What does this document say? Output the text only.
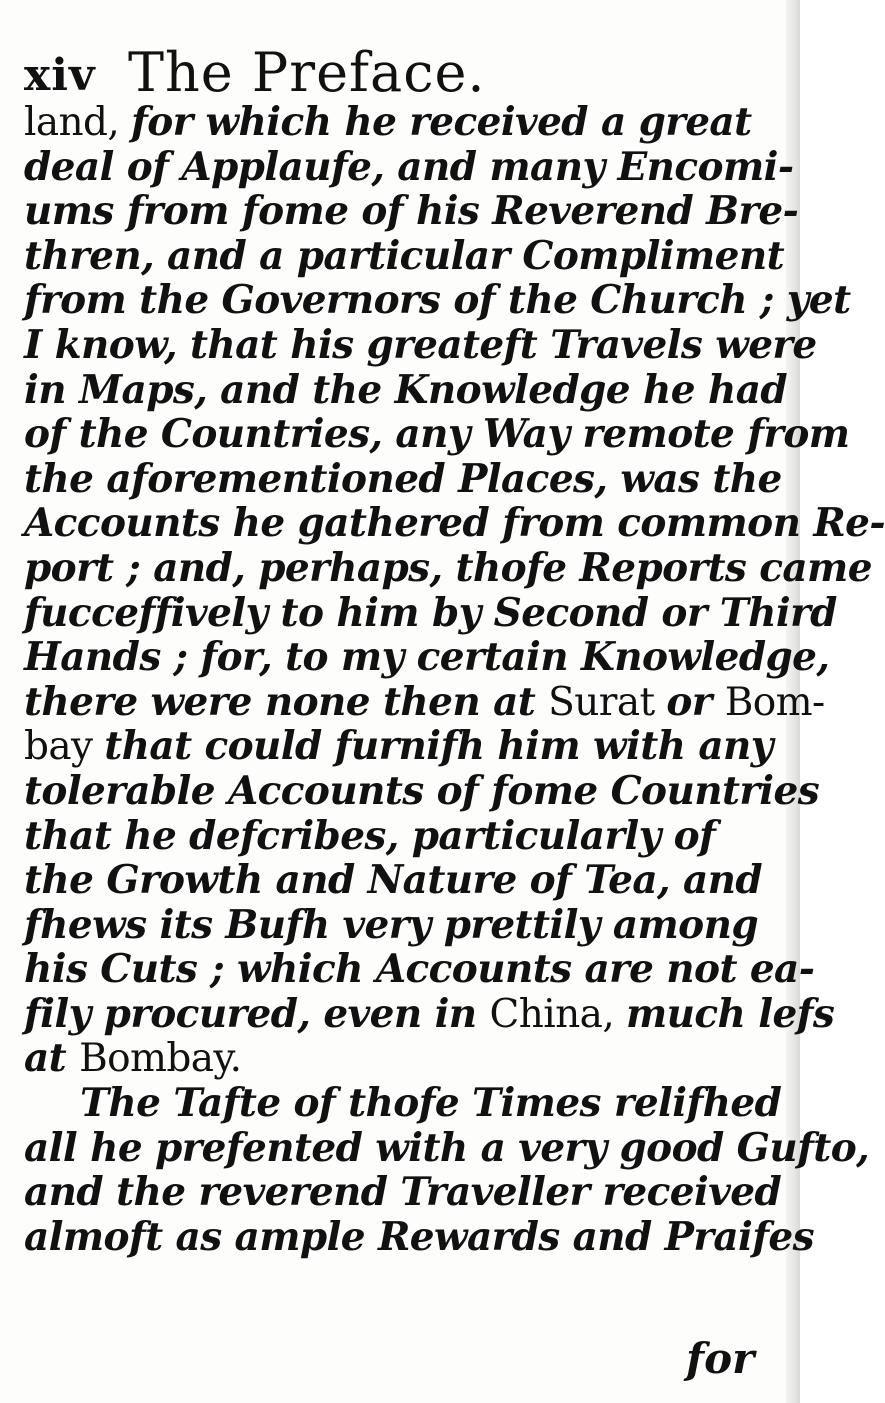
xiv The Preface.
land, for which he received a great
deal of Applaufe, and many Encomi-
ums from fome of his Reverend Bre-
thren, and a particular Compliment
from the Governors of the Church ; yet
I know, that his greateft Travels were
in Maps, and the Knowledge he had
of the Countries, any Way remote from
the aforementioned Places, was the
Accounts he gathered from common Re-
port ; and, perhaps, thofe Reports came
fucceffively to him by Second or Third
Hands ; for, to my certain Knowledge,
there were none then at Surat or Bom-
bay that could furnifh him with any
tolerable Accounts of fome Countries
that he defcribes, particularly of
the Growth and Nature of Tea, and
fhews its Bufh very prettily among
his Cuts ; which Accounts are not ea-
fily procured, even in China, much lefs
at Bombay.
The Tafte of thofe Times relifhed
all he prefented with a very good Gufto,
and the reverend Traveller received
almoft as ample Rewards and Praifes
for
